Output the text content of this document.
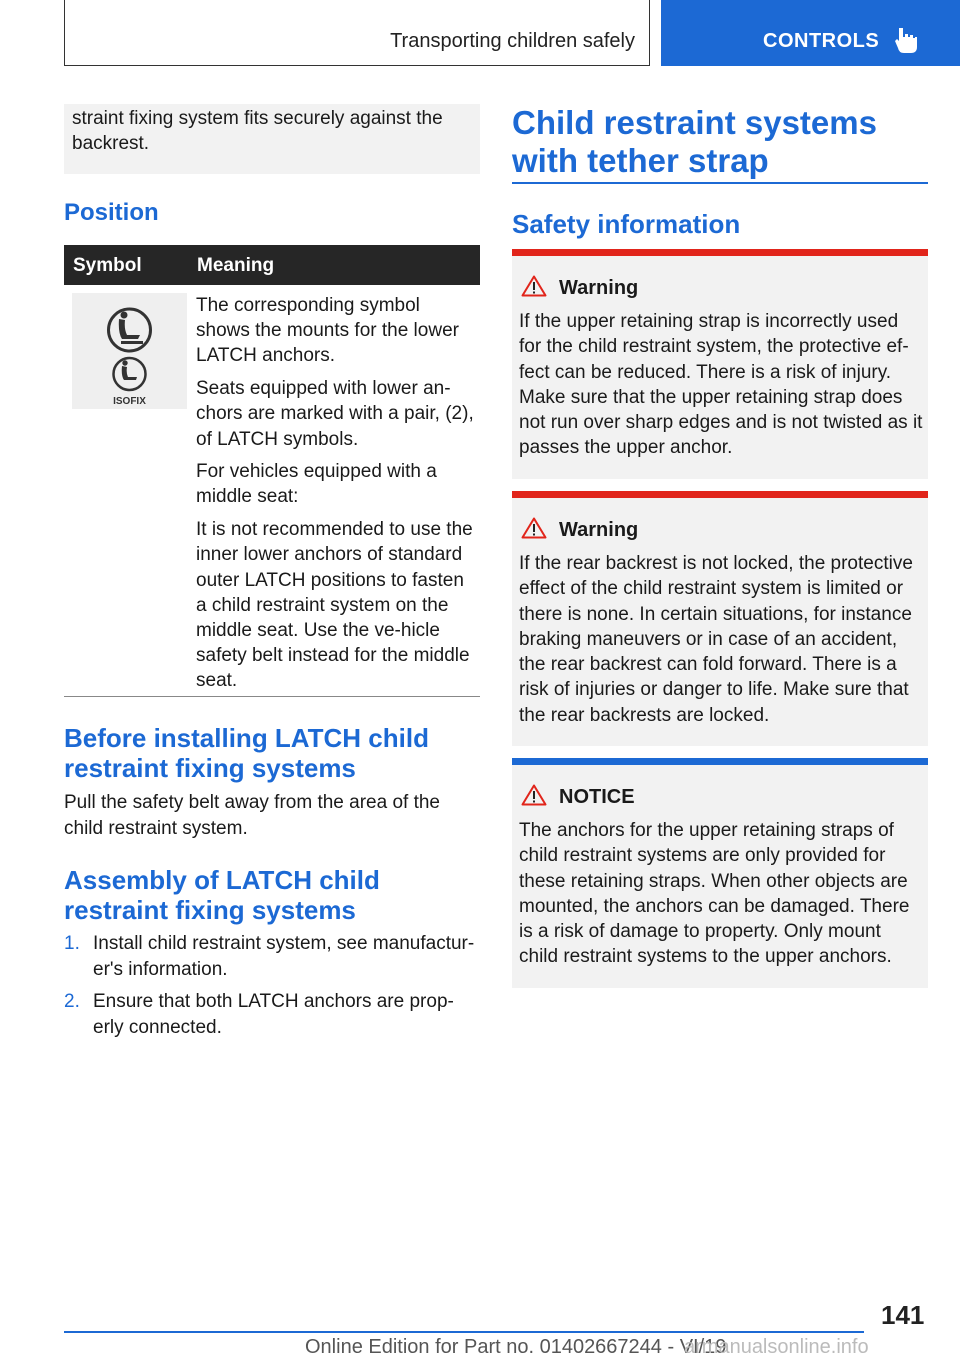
Transporting children safely	CONTROLS
straint fixing system fits securely against the backrest.
Position
Symbol	Meaning
ISOFIX

The corresponding symbol shows the mounts for the lower LATCH anchors.

Seats equipped with lower an-chors are marked with a pair, (2), of LATCH symbols.

For vehicles equipped with a middle seat:

It is not recommended to use the inner lower anchors of standard outer LATCH positions to fasten a child restraint system on the middle seat. Use the ve-hicle safety belt instead for the middle seat.

Before installing LATCH child restraint fixing systems
Pull the safety belt away from the area of the child restraint system.
Assembly of LATCH child restraint fixing systems
1. Install child restraint system, see manufactur-er's information.
2. Ensure that both LATCH anchors are prop-erly connected.
Child restraint systems with tether strap
Safety information
Warning
If the upper retaining strap is incorrectly used for the child restraint system, the protective ef-fect can be reduced. There is a risk of injury. Make sure that the upper retaining strap does not run over sharp edges and is not twisted as it passes the upper anchor.
Warning
If the rear backrest is not locked, the protective effect of the child restraint system is limited or there is none. In certain situations, for instance braking maneuvers or in case of an accident, the rear backrest can fold forward. There is a risk of injuries or danger to life. Make sure that the rear backrests are locked.
NOTICE
The anchors for the upper retaining straps of child restraint systems are only provided for these retaining straps. When other objects are mounted, the anchors can be damaged. There is a risk of damage to property. Only mount child restraint systems to the upper anchors.
141
Online Edition for Part no. 01402667244 - VI/19
armanualsonline.info
